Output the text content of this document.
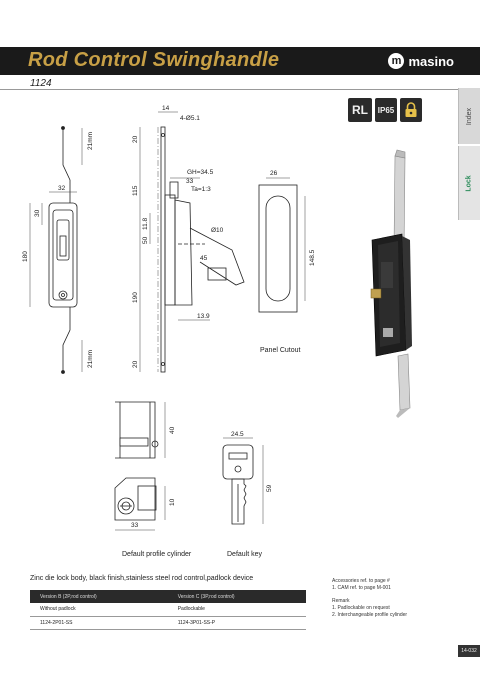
Rod Control Swinghandle	m masino
1124
RL	IP65	Index
Lock
21mm
32
30
180
21mm
14
4-Ø5.1
20
115
11.8
50
190
20
GH=34.5
33
Ta=1:3
Ø10
45
13.9
26
148.5
Panel Cutout
40
10
33
Default profile cylinder
24.5
59
Default key
Zinc die lock body, black finish,stainless steel rod control,padlock device
Version B (2P,rod control)	Version C (3P,rod control)
Without padlock	Padlockable
1124-2P01-SS	1124-3P01-SS-P

Accessories ref. to page #

1. CAM ref. to page M-001

Remark

1. Padlockable on request

2. Interchangeable profile cylinder

14-032
